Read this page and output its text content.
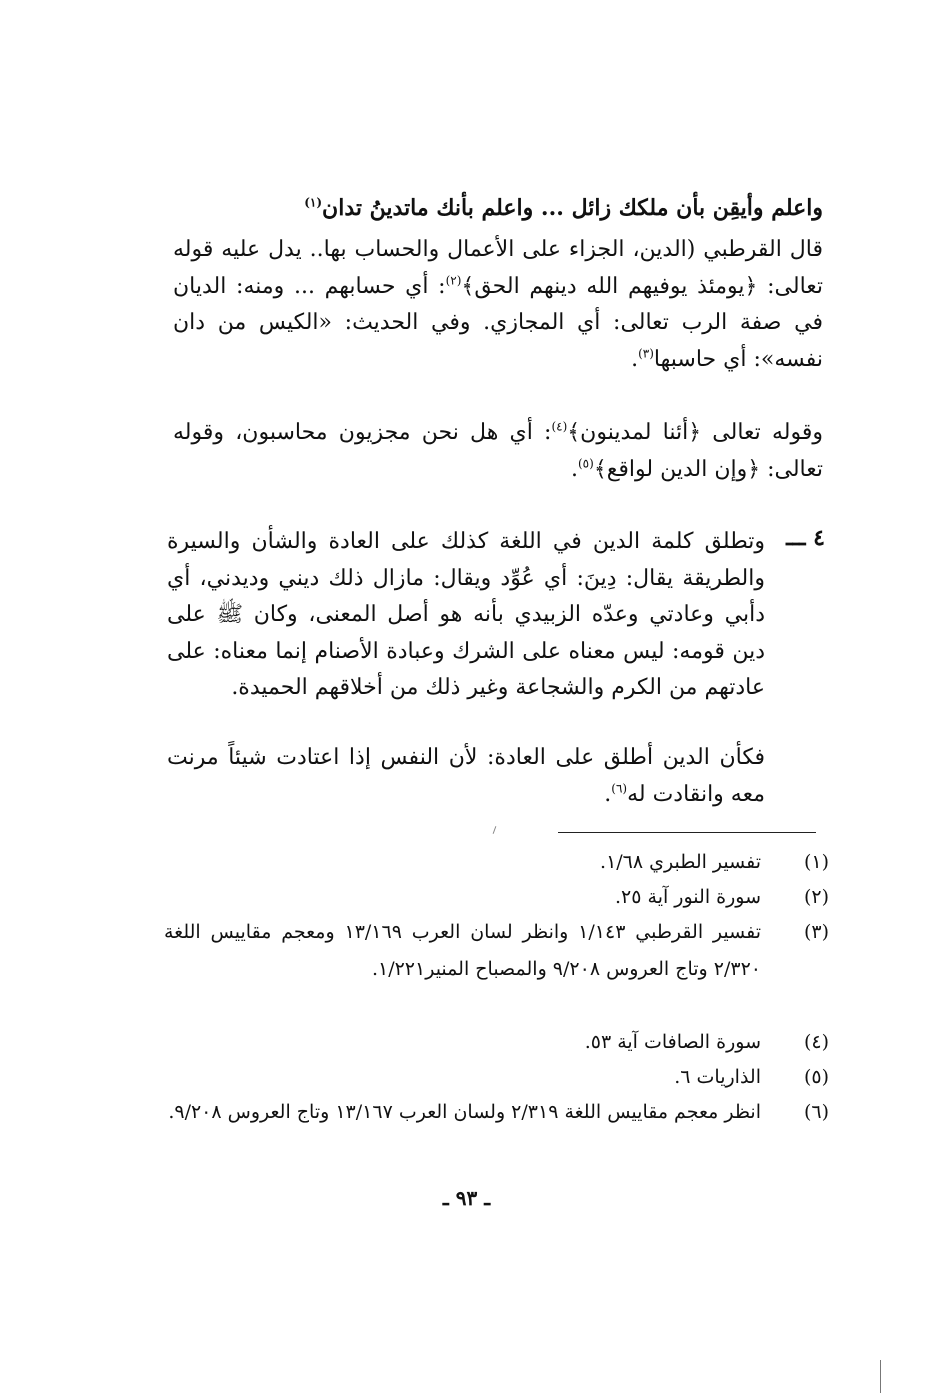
واعلم وأيقِن بأن ملكك زائل ... واعلم بأنك ماتدينُ تدان$^{(١)}$

قال القرطبي (الدين، الجزاء على الأعمال والحساب بها.. يدل عليه قوله تعالى: ﴿يومئذ يوفيهم الله دينهم الحق﴾$^{(٢)}$: أي حسابهم ... ومنه: الديان في صفة الرب تعالى: أي المجازي. وفي الحديث: «الكيس من دان نفسه»: أي حاسبها$^{(٣)}$.

وقوله تعالى ﴿أئنا لمدينون﴾$^{(٤)}$: أي هل نحن مجزيون محاسبون، وقوله تعالى: ﴿وإن الدين لواقع﴾$^{(٥)}$.

٤ ـــ

وتطلق كلمة الدين في اللغة كذلك على العادة والشأن والسيرة والطريقة يقال: دِينَ: أي عُوِّد ويقال: مازال ذلك ديني وديدني، أي دأبي وعادتي وعدّه الزبيدي بأنه هو أصل المعنى، وكان ﷺ على دين قومه: ليس معناه على الشرك وعبادة الأصنام إنما معناه: على عادتهم من الكرم والشجاعة وغير ذلك من أخلاقهم الحميدة.

فكأن الدين أطلق على العادة: لأن النفس إذا اعتادت شيئاً مرنت معه وانقادت له$^{(٦)}$.

(١)
تفسير الطبري ١/٦٨.
(٢)
سورة النور آية ٢٥.
(٣)
تفسير القرطبي ١/١٤٣ وانظر لسان العرب ١٣/١٦٩ ومعجم مقاييس اللغة ٢/٣٢٠ وتاج العروس ٩/٢٠٨ والمصباح المنير١/٢٢١.
(٤)
سورة الصافات آية ٥٣.
(٥)
الذاريات ٦.
(٦)
انظر معجم مقاييس اللغة ٢/٣١٩ ولسان العرب ١٣/١٦٧ وتاج العروس ٩/٢٠٨.
ـ ٩٣ ـ
